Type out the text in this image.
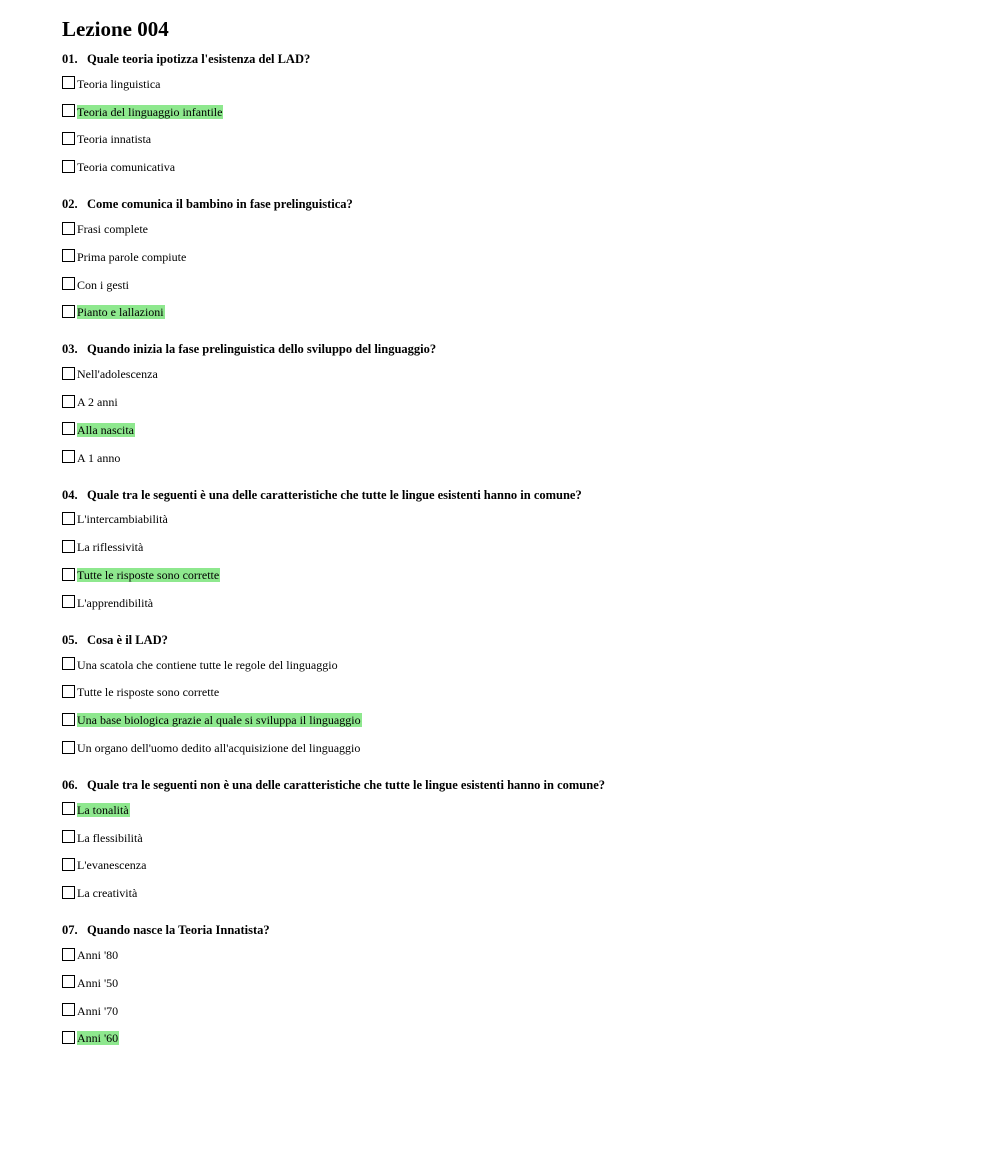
Lezione 004
01. Quale teoria ipotizza l'esistenza del LAD?
Teoria linguistica
Teoria del linguaggio infantile
Teoria innatista
Teoria comunicativa
02. Come comunica il bambino in fase prelinguistica?
Frasi complete
Prima parole compiute
Con i gesti
Pianto e lallazioni
03. Quando inizia la fase prelinguistica dello sviluppo del linguaggio?
Nell'adolescenza
A 2 anni
Alla nascita
A 1 anno
04. Quale tra le seguenti è una delle caratteristiche che tutte le lingue esistenti hanno in comune?
L'intercambiabilità
La riflessività
Tutte le risposte sono corrette
L'apprendibilità
05. Cosa è il LAD?
Una scatola che contiene tutte le regole del linguaggio
Tutte le risposte sono corrette
Una base biologica grazie al quale si sviluppa il linguaggio
Un organo dell'uomo dedito all'acquisizione del linguaggio
06. Quale tra le seguenti non è una delle caratteristiche che tutte le lingue esistenti hanno in comune?
La tonalità
La flessibilità
L'evanescenza
La creatività
07. Quando nasce la Teoria Innatista?
Anni '80
Anni '50
Anni '70
Anni '60
